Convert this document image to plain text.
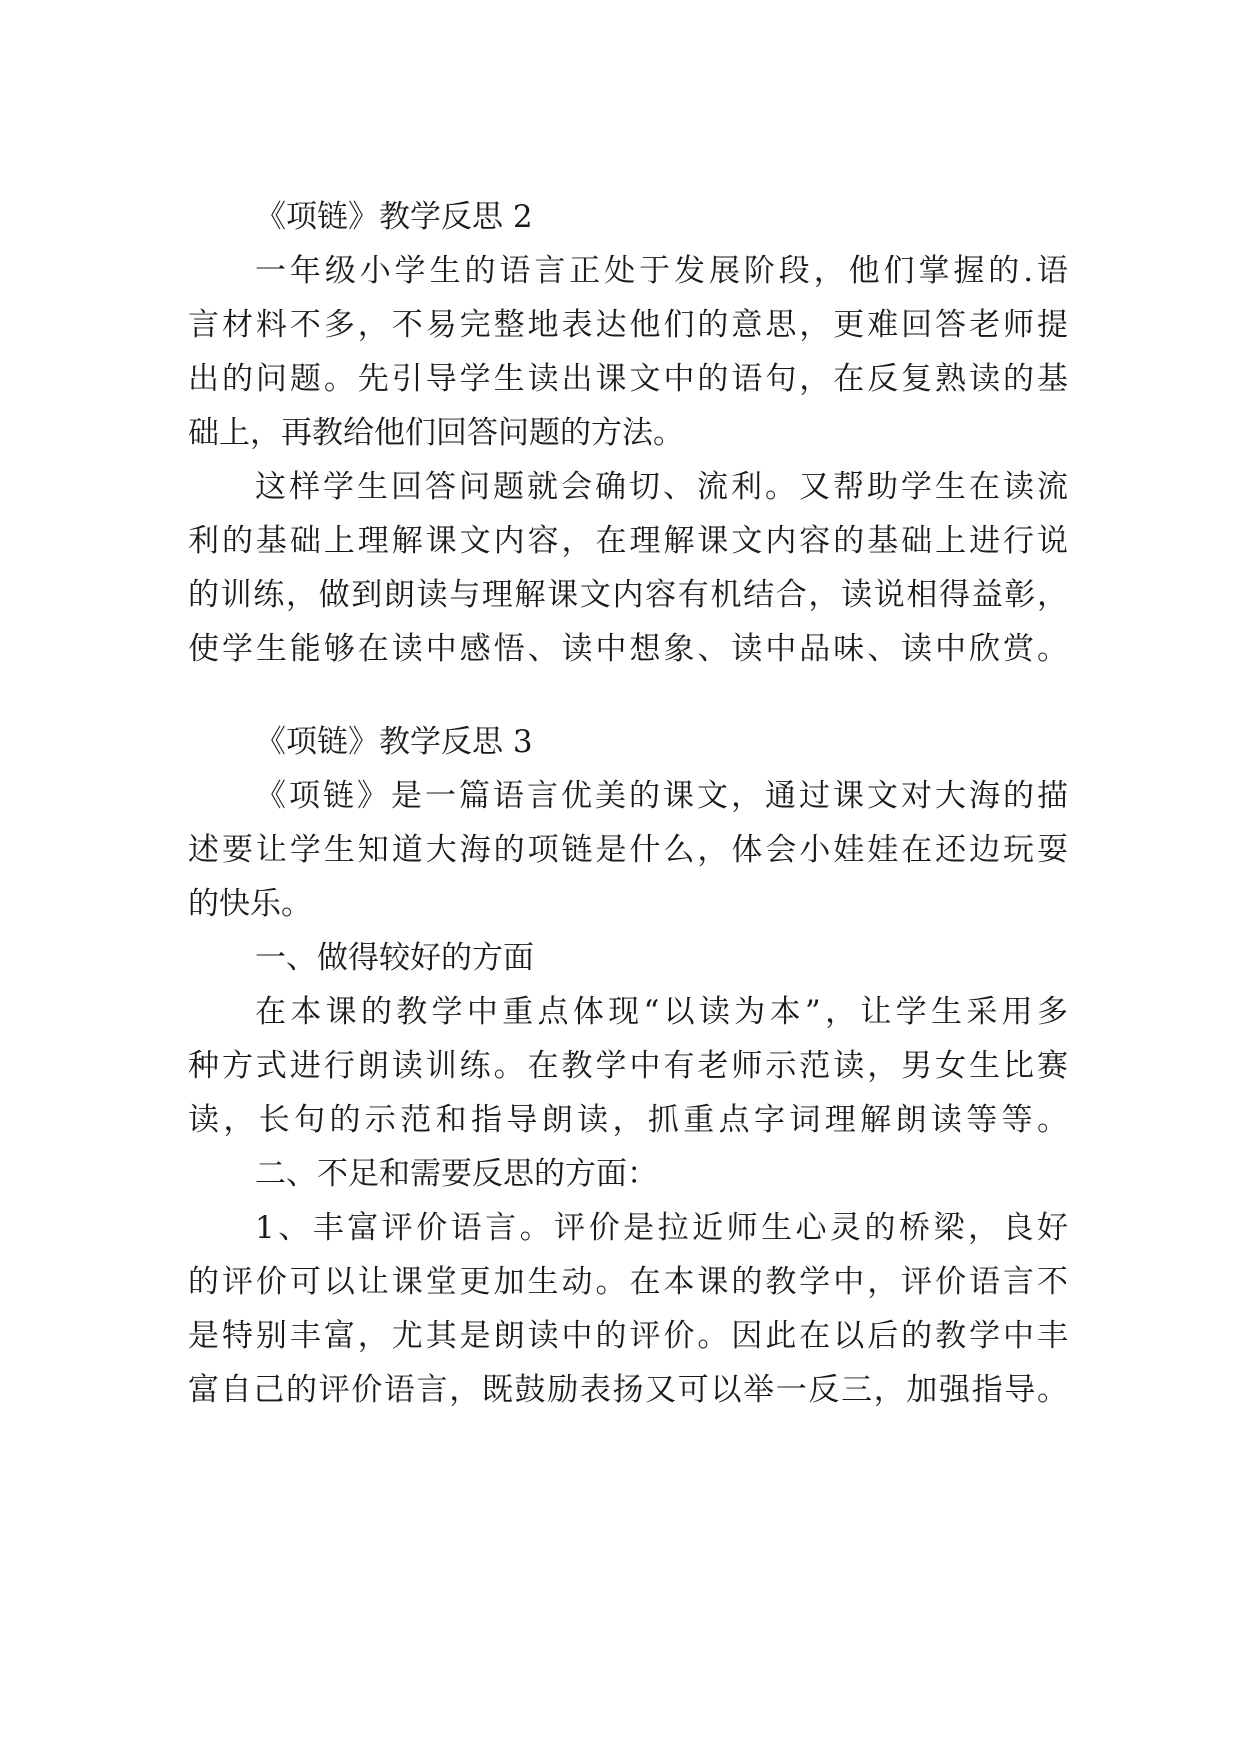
《项链》教学反思 2
一年级小学生的语言正处于发展阶段，他们掌握的.语
言材料不多，不易完整地表达他们的意思，更难回答老师提
出的问题。先引导学生读出课文中的语句，在反复熟读的基
础上，再教给他们回答问题的方法。
这样学生回答问题就会确切、流利。又帮助学生在读流
利的基础上理解课文内容，在理解课文内容的基础上进行说
的训练，做到朗读与理解课文内容有机结合，读说相得益彰，
使学生能够在读中感悟、读中想象、读中品味、读中欣赏。
《项链》教学反思 3
《项链》是一篇语言优美的课文，通过课文对大海的描
述要让学生知道大海的项链是什么，体会小娃娃在还边玩耍
的快乐。
一、做得较好的方面
在本课的教学中重点体现“以读为本”，让学生采用多
种方式进行朗读训练。在教学中有老师示范读，男女生比赛
读，长句的示范和指导朗读，抓重点字词理解朗读等等。
二、不足和需要反思的方面：
1、丰富评价语言。评价是拉近师生心灵的桥梁，良好
的评价可以让课堂更加生动。在本课的教学中，评价语言不
是特别丰富，尤其是朗读中的评价。因此在以后的教学中丰
富自己的评价语言，既鼓励表扬又可以举一反三，加强指导。
